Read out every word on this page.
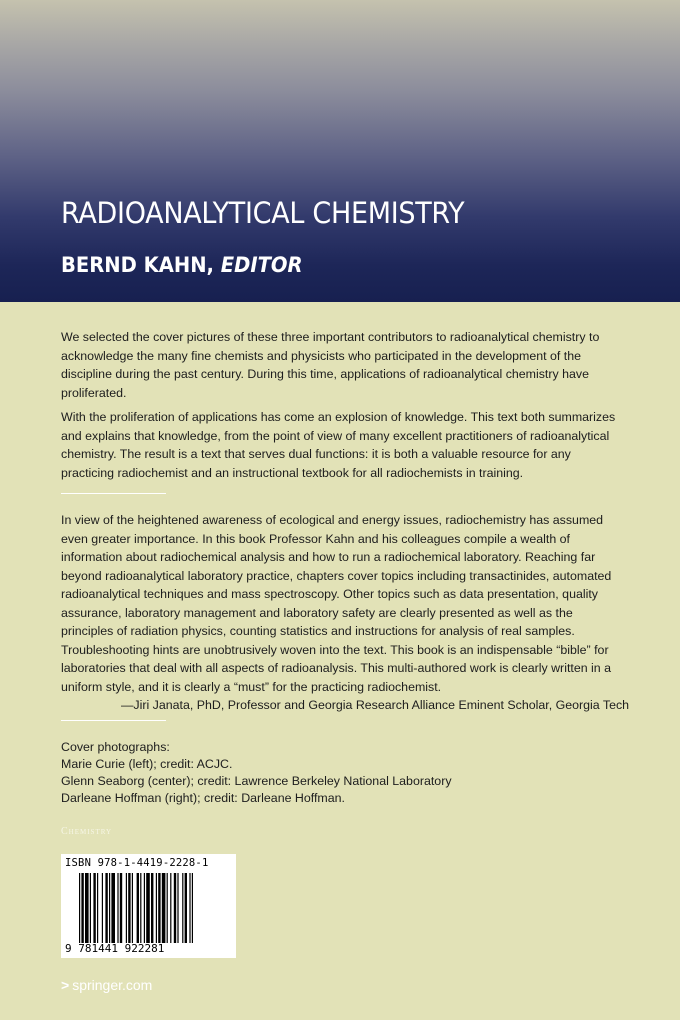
RADIOANALYTICAL CHEMISTRY
BERND KAHN, EDITOR

We selected the cover pictures of these three important contributors to radioanalytical chemistry to acknowledge the many fine chemists and physicists who participated in the development of the discipline during the past century. During this time, applications of radioanalytical chemistry have proliferated.

With the proliferation of applications has come an explosion of knowledge. This text both summarizes and explains that knowledge, from the point of view of many excellent practitioners of radioanalytical chemistry. The result is a text that serves dual functions: it is both a valuable resource for any practicing radiochemist and an instructional textbook for all radiochemists in training.

In view of the heightened awareness of ecological and energy issues, radiochemistry has assumed even greater importance. In this book Professor Kahn and his colleagues compile a wealth of information about radiochemical analysis and how to run a radiochemical laboratory. Reaching far beyond radioanalytical laboratory practice, chapters cover topics including transactinides, automated radioanalytical techniques and mass spectroscopy. Other topics such as data presentation, quality assurance, laboratory management and laboratory safety are clearly presented as well as the principles of radiation physics, counting statistics and instructions for analysis of real samples. Troubleshooting hints are unobtrusively woven into the text. This book is an indispensable “bible” for laboratories that deal with all aspects of radioanalysis. This multi-authored work is clearly written in a uniform style, and it is clearly a “must” for the practicing radiochemist.
—Jiri Janata, PhD, Professor and Georgia Research Alliance Eminent Scholar, Georgia Tech
Cover photographs:
Marie Curie (left); credit: ACJC.
Glenn Seaborg (center); credit: Lawrence Berkeley National Laboratory
Darleane Hoffman (right); credit: Darleane Hoffman.
Chemistry
ISBN 978-1-4419-2228-1
9 781441 922281
> springer.com
